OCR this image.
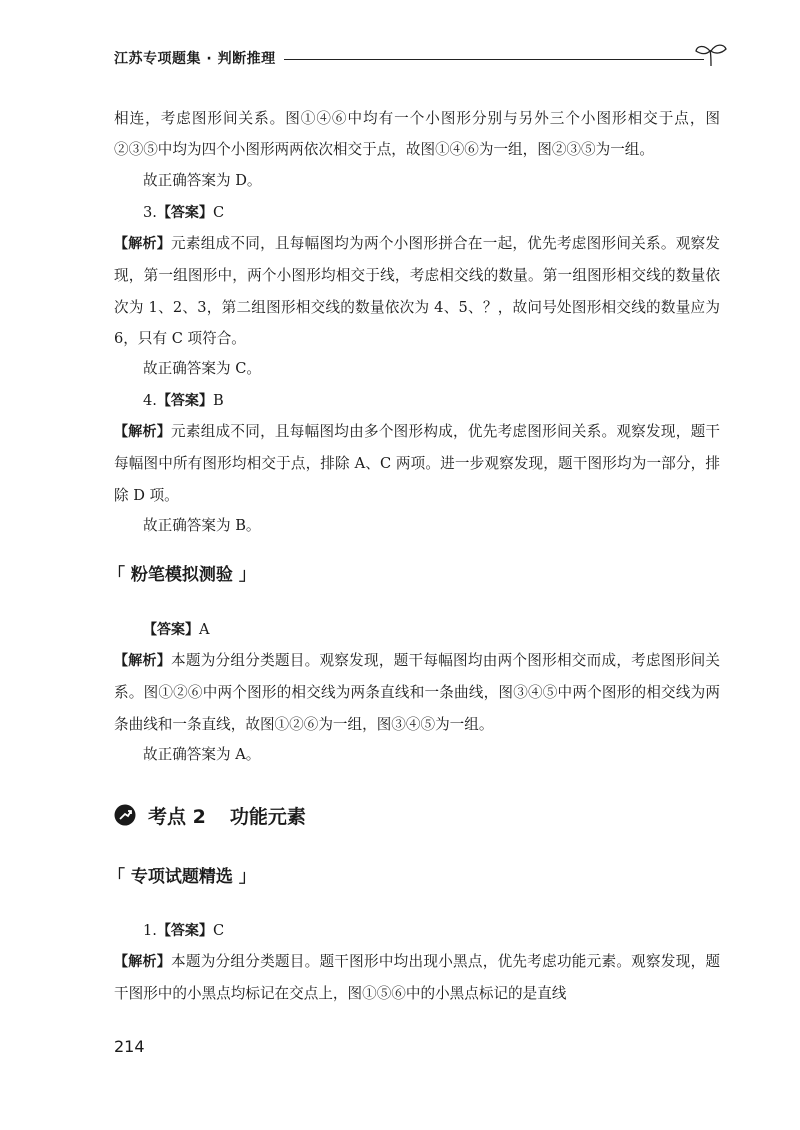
江苏专项题集 · 判断推理
相连，考虑图形间关系。图①④⑥中均有一个小图形分别与另外三个小图形相交于点，图②③⑤中均为四个小图形两两依次相交于点，故图①④⑥为一组，图②③⑤为一组。
故正确答案为 D。
3.【答案】C
【解析】元素组成不同，且每幅图均为两个小图形拼合在一起，优先考虑图形间关系。观察发现，第一组图形中，两个小图形均相交于线，考虑相交线的数量。第一组图形相交线的数量依次为 1、2、3，第二组图形相交线的数量依次为 4、5、？，故问号处图形相交线的数量应为 6，只有 C 项符合。
故正确答案为 C。
4.【答案】B
【解析】元素组成不同，且每幅图均由多个图形构成，优先考虑图形间关系。观察发现，题干每幅图中所有图形均相交于点，排除 A、C 两项。进一步观察发现，题干图形均为一部分，排除 D 项。
故正确答案为 B。
「 粉笔模拟测验 」
【答案】A
【解析】本题为分组分类题目。观察发现，题干每幅图均由两个图形相交而成，考虑图形间关系。图①②⑥中两个图形的相交线为两条直线和一条曲线，图③④⑤中两个图形的相交线为两条曲线和一条直线，故图①②⑥为一组，图③④⑤为一组。
故正确答案为 A。
考点 2 功能元素
「 专项试题精选 」
1.【答案】C
【解析】本题为分组分类题目。题干图形中均出现小黑点，优先考虑功能元素。观察发现，题干图形中的小黑点均标记在交点上，图①⑤⑥中的小黑点标记的是直线
214
